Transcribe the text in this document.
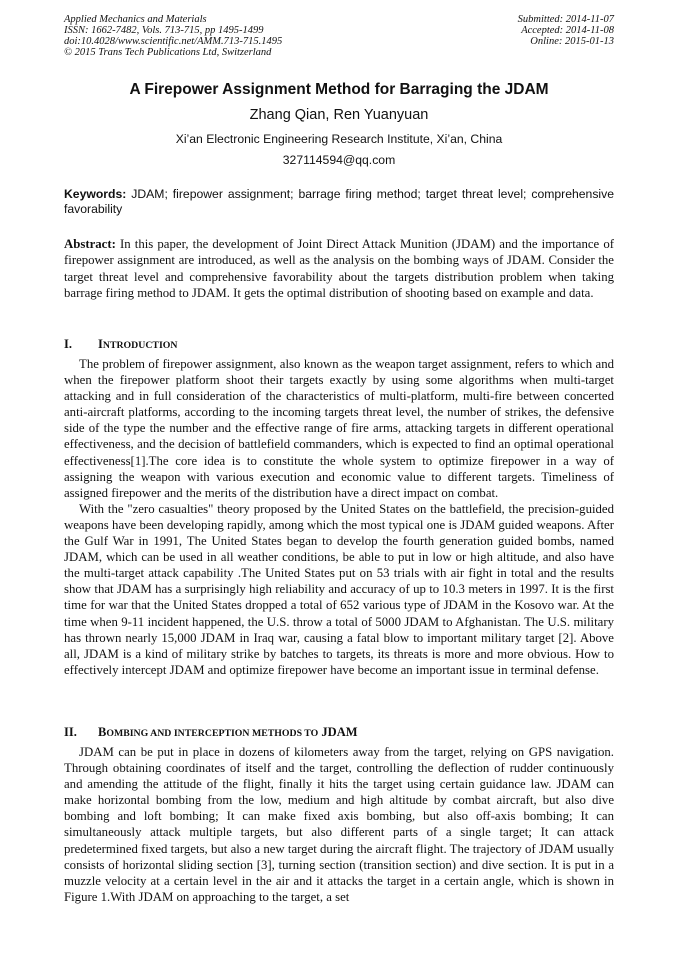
Applied Mechanics and Materials
ISSN: 1662-7482, Vols. 713-715, pp 1495-1499
doi:10.4028/www.scientific.net/AMM.713-715.1495
© 2015 Trans Tech Publications Ltd, Switzerland
Submitted: 2014-11-07
Accepted: 2014-11-08
Online: 2015-01-13
A Firepower Assignment Method for Barraging the JDAM
Zhang Qian, Ren Yuanyuan
Xi’an Electronic Engineering Research Institute, Xi’an, China
327114594@qq.com
Keywords: JDAM; firepower assignment; barrage firing method; target threat level; comprehensive favorability
Abstract: In this paper, the development of Joint Direct Attack Munition (JDAM) and the importance of firepower assignment are introduced, as well as the analysis on the bombing ways of JDAM. Consider the target threat level and comprehensive favorability about the targets distribution problem when taking barrage firing method to JDAM. It gets the optimal distribution of shooting based on example and data.
I. INTRODUCTION

The problem of firepower assignment, also known as the weapon target assignment, refers to which and when the firepower platform shoot their targets exactly by using some algorithms when multi-target attacking and in full consideration of the characteristics of multi-platform, multi-fire between concerted anti-aircraft platforms, according to the incoming targets threat level, the number of strikes, the defensive side of the type the number and the effective range of fire arms, attacking targets in different operational effectiveness, and the decision of battlefield commanders, which is expected to find an optimal operational effectiveness[1].The core idea is to constitute the whole system to optimize firepower in a way of assigning the weapon with various execution and economic value to different targets. Timeliness of assigned firepower and the merits of the distribution have a direct impact on combat.

With the "zero casualties" theory proposed by the United States on the battlefield, the precision-guided weapons have been developing rapidly, among which the most typical one is JDAM guided weapons. After the Gulf War in 1991, The United States began to develop the fourth generation guided bombs, named JDAM, which can be used in all weather conditions, be able to put in low or high altitude, and also have the multi-target attack capability .The United States put on 53 trials with air fight in total and the results show that JDAM has a surprisingly high reliability and accuracy of up to 10.3 meters in 1997. It is the first time for war that the United States dropped a total of 652 various type of JDAM in the Kosovo war. At the time when 9-11 incident happened, the U.S. throw a total of 5000 JDAM to Afghanistan. The U.S. military has thrown nearly 15,000 JDAM in Iraq war, causing a fatal blow to important military target [2]. Above all, JDAM is a kind of military strike by batches to targets, its threats is more and more obvious. How to effectively intercept JDAM and optimize firepower have become an important issue in terminal defense.

II. BOMBING AND INTERCEPTION METHODS TO JDAM

JDAM can be put in place in dozens of kilometers away from the target, relying on GPS navigation. Through obtaining coordinates of itself and the target, controlling the deflection of rudder continuously and amending the attitude of the flight, finally it hits the target using certain guidance law. JDAM can make horizontal bombing from the low, medium and high altitude by combat aircraft, but also dive bombing and loft bombing; It can make fixed axis bombing, but also off-axis bombing; It can simultaneously attack multiple targets, but also different parts of a single target; It can attack predetermined fixed targets, but also a new target during the aircraft flight. The trajectory of JDAM usually consists of horizontal sliding section [3], turning section (transition section) and dive section. It is put in a muzzle velocity at a certain level in the air and it attacks the target in a certain angle, which is shown in Figure 1.With JDAM on approaching to the target, a set
